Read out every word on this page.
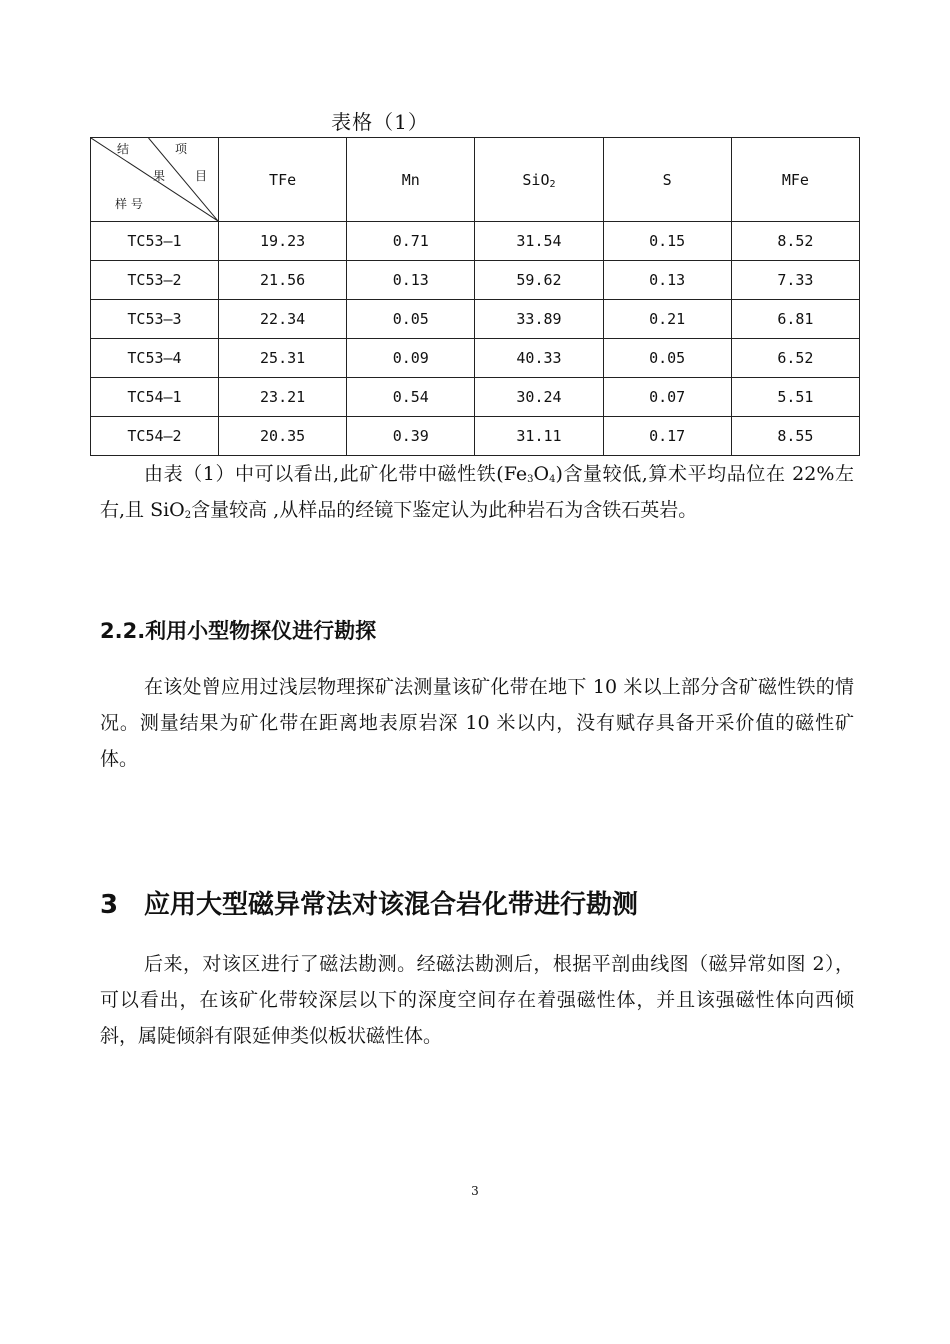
表格（1）
结 项
果 目
样 号	TFe	Mn	SiO$_2$	S	MFe
TC53—1	19.23	0.71	31.54	0.15	8.52
TC53—2	21.56	0.13	59.62	0.13	7.33
TC53—3	22.34	0.05	33.89	0.21	6.81
TC53—4	25.31	0.09	40.33	0.05	6.52
TC54—1	23.21	0.54	30.24	0.07	5.51
TC54—2	20.35	0.39	31.11	0.17	8.55

由表（1）中可以看出,此矿化带中磁性铁$(Fe_3O_4)$含量较低,算术平均品位在 22%左右,且 SiO$_2$含量较高 ,从样品的经镜下鉴定认为此种岩石为含铁石英岩。

2.2.利用小型物探仪进行勘探

在该处曾应用过浅层物理探矿法测量该矿化带在地下 10 米以上部分含矿磁性铁的情况。测量结果为矿化带在距离地表原岩深 10 米以内，没有赋存具备开采价值的磁性矿体。

3 应用大型磁异常法对该混合岩化带进行勘测

后来，对该区进行了磁法勘测。经磁法勘测后，根据平剖曲线图（磁异常如图 2），可以看出，在该矿化带较深层以下的深度空间存在着强磁性体，并且该强磁性体向西倾斜，属陡倾斜有限延伸类似板状磁性体。

3
